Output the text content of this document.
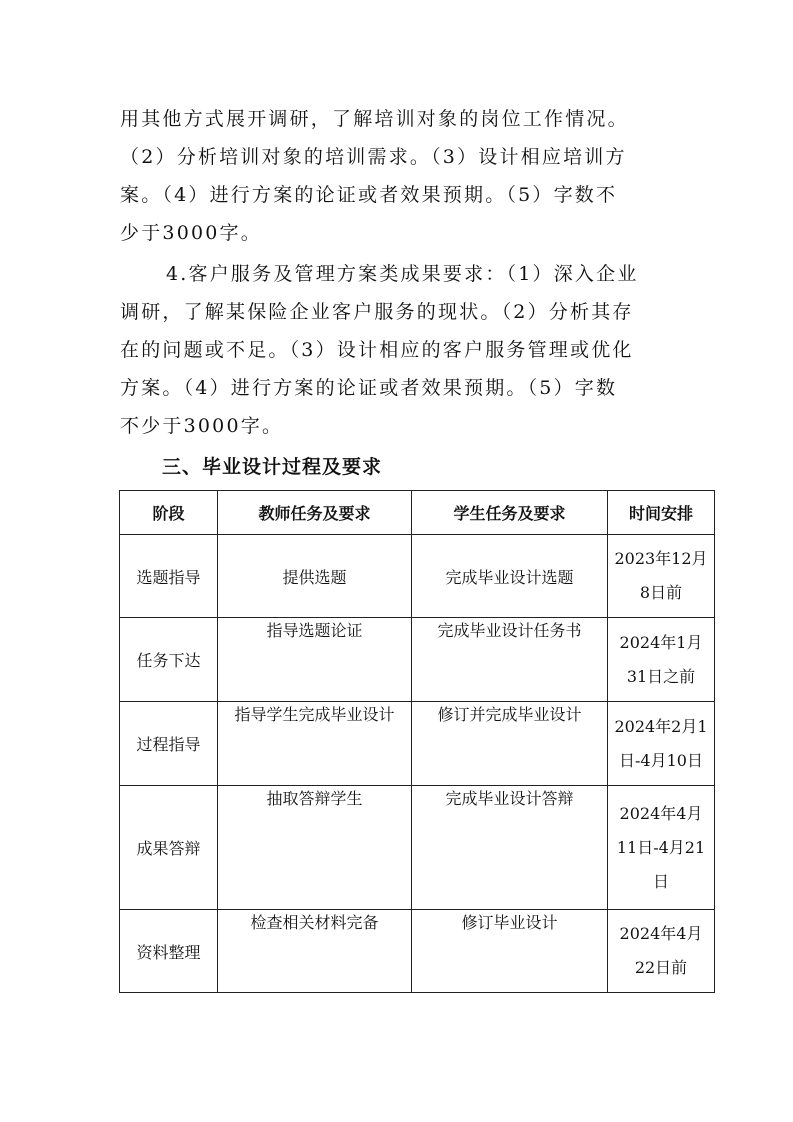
用其他方式展开调研，了解培训对象的岗位工作情况。
（2）分析培训对象的培训需求。（3）设计相应培训方
案。（4）进行方案的论证或者效果预期。（5）字数不
少于3000字。
4.客户服务及管理方案类成果要求：（1）深入企业
调研，了解某保险企业客户服务的现状。（2）分析其存
在的问题或不足。（3）设计相应的客户服务管理或优化
方案。（4）进行方案的论证或者效果预期。（5）字数
不少于3000字。
三、毕业设计过程及要求
阶段	教师任务及要求	学生任务及要求	时间安排
选题指导	提供选题	完成毕业设计选题	2023年12月
8日前

任务下达	指导选题论证	完成毕业设计任务书	2024年1月
31日之前

过程指导	指导学生完成毕业设计	修订并完成毕业设计	2024年2月1
日-4月10日

成果答辩	抽取答辩学生	完成毕业设计答辩	2024年4月
11日-4月21
日

资料整理	检查相关材料完备	修订毕业设计	2024年4月
22日前
